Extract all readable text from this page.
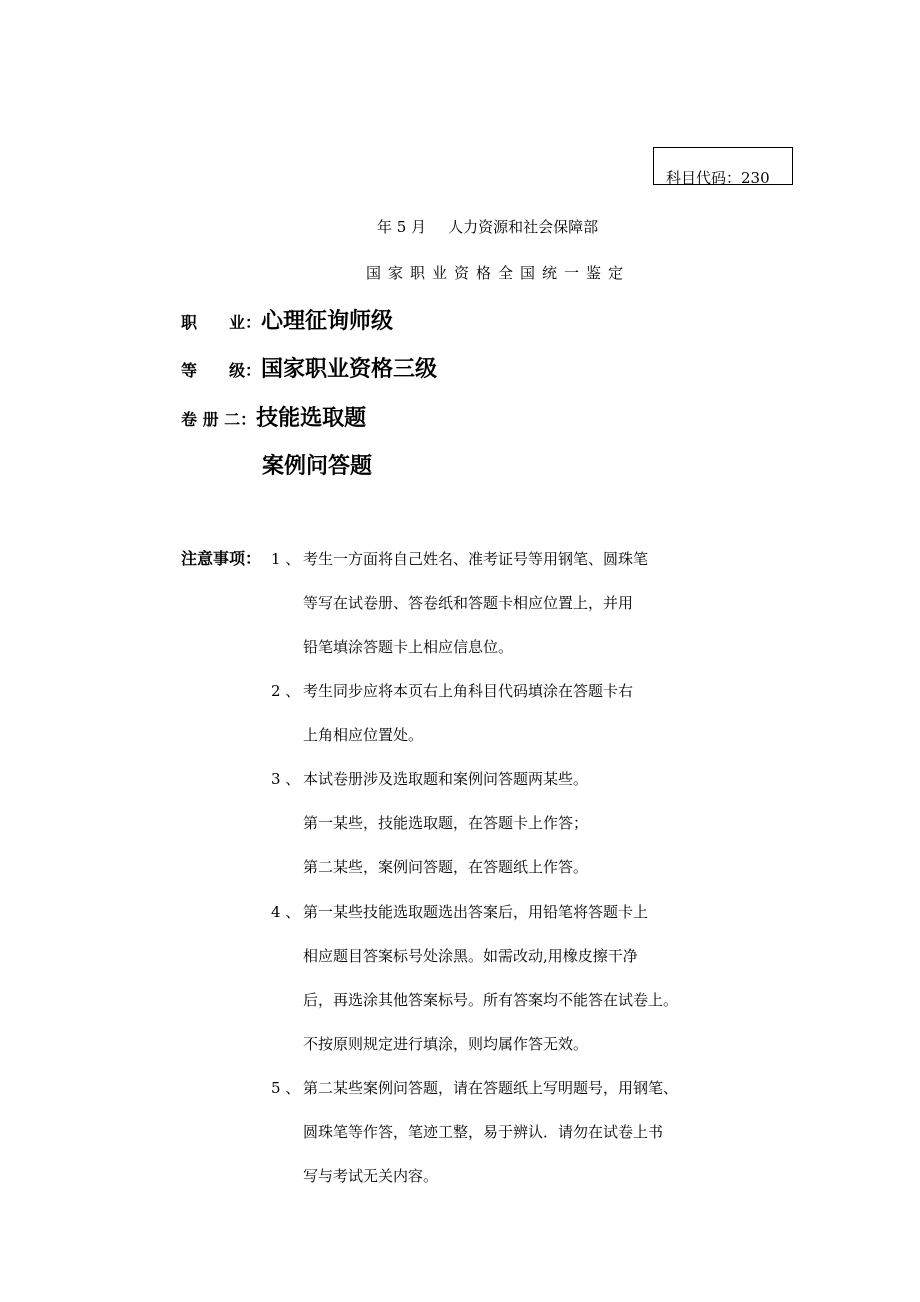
科目代码：230
年 5 月 人力资源和社会保障部
国家职业资格全国统一鉴定
职　　业：心理征询师级
等　　级：国家职业资格三级
卷 册 二：技能选取题
案例问答题
注意事项： 1 、 考生一方面将自己姓名、准考证号等用钢笔、圆珠笔
等写在试卷册、答卷纸和答题卡相应位置上，并用
铅笔填涂答题卡上相应信息位。
2 、 考生同步应将本页右上角科目代码填涂在答题卡右
上角相应位置处。
3 、 本试卷册涉及选取题和案例问答题两某些。
第一某些，技能选取题，在答题卡上作答；
第二某些，案例问答题，在答题纸上作答。
4 、 第一某些技能选取题选出答案后，用铅笔将答题卡上
相应题目答案标号处涂黑。如需改动,用橡皮擦干净
后，再选涂其他答案标号。所有答案均不能答在试卷上。
不按原则规定进行填涂，则均属作答无效。
5 、 第二某些案例问答题，请在答题纸上写明题号，用钢笔、
圆珠笔等作答，笔迹工整，易于辨认．请勿在试卷上书
写与考试无关内容。
